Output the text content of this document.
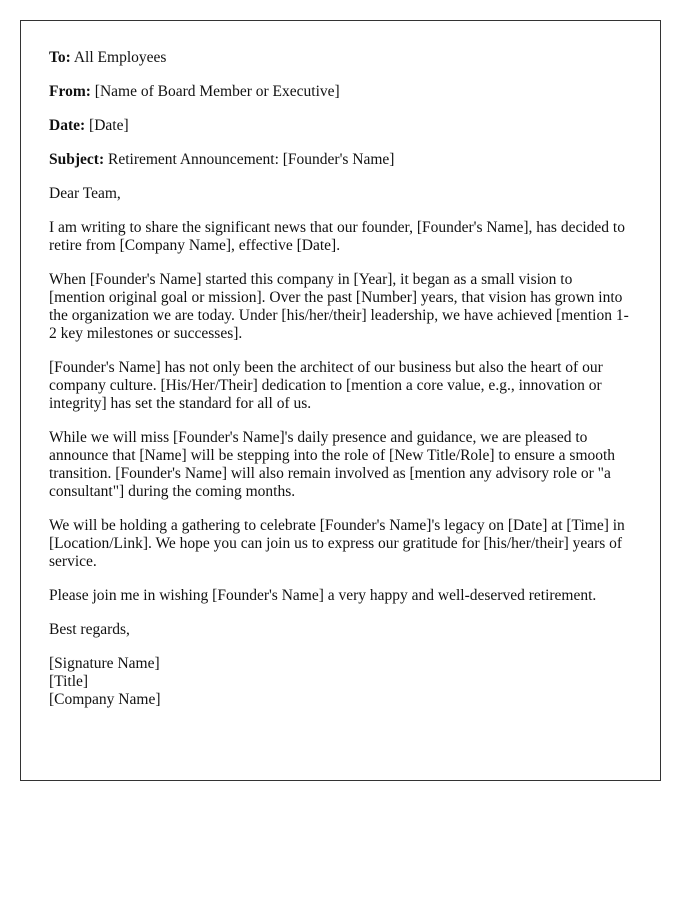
To: All Employees
From: [Name of Board Member or Executive]
Date: [Date]
Subject: Retirement Announcement: [Founder's Name]

Dear Team,

I am writing to share the significant news that our founder, [Founder's Name], has decided to retire from [Company Name], effective [Date].

When [Founder's Name] started this company in [Year], it began as a small vision to [mention original goal or mission]. Over the past [Number] years, that vision has grown into the organization we are today. Under [his/her/their] leadership, we have achieved [mention 1-2 key milestones or successes].

[Founder's Name] has not only been the architect of our business but also the heart of our company culture. [His/Her/Their] dedication to [mention a core value, e.g., innovation or integrity] has set the standard for all of us.

While we will miss [Founder's Name]'s daily presence and guidance, we are pleased to announce that [Name] will be stepping into the role of [New Title/Role] to ensure a smooth transition. [Founder's Name] will also remain involved as [mention any advisory role or "a consultant"] during the coming months.

We will be holding a gathering to celebrate [Founder's Name]'s legacy on [Date] at [Time] in [Location/Link]. We hope you can join us to express our gratitude for [his/her/their] years of service.

Please join me in wishing [Founder's Name] a very happy and well-deserved retirement.

Best regards,

[Signature Name]

[Title]

[Company Name]
